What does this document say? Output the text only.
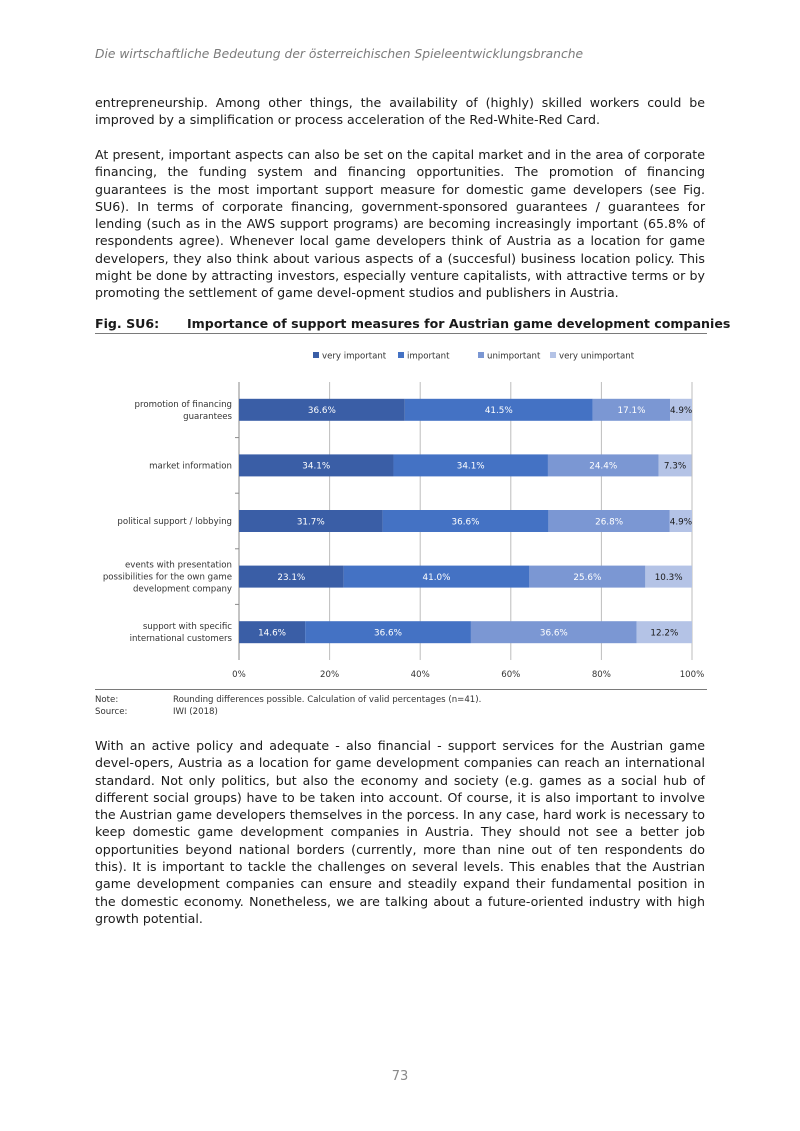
Die wirtschaftliche Bedeutung der österreichischen Spieleentwicklungsbranche

entrepreneurship. Among other things, the availability of (highly) skilled workers could be improved by a simplification or process acceleration of the Red-White-Red Card.

At present, important aspects can also be set on the capital market and in the area of corporate financing, the funding system and financing opportunities. The promotion of financing guarantees is the most important support measure for domestic game developers (see Fig. SU6). In terms of corporate financing, government-sponsored guarantees / guarantees for lending (such as in the AWS support programs) are becoming increasingly important (65.8% of respondents agree). Whenever local game developers think of Austria as a location for game developers, they also think about various aspects of a (succesful) business location policy. This might be done by attracting investors, especially venture capitalists, with attractive terms or by promoting the settlement of game devel-opment studios and publishers in Austria.

Fig. SU6: Importance of support measures for Austrian game development companies
very important important	unimportant very unimportant
36.6%	41.5%	17.1%	4.9%
34.1%	34.1%	24.4%	7.3%
31.7%	36.6%	26.8%	4.9%
23.1%	41.0%	25.6%	10.3%
14.6%	36.6%	36.6%	12.2%
promotion of financing
guarantees
market information
political support / lobbying
events with presentation
possibilities for the own game
development company
support with specific
international customers
0%	20%	40%	60%	80%	100%
Note:	Rounding differences possible. Calculation of valid percentages (n=41).
Source:	IWI (2018)

With an active policy and adequate - also financial - support services for the Austrian game devel-opers, Austria as a location for game development companies can reach an international standard. Not only politics, but also the economy and society (e.g. games as a social hub of different social groups) have to be taken into account. Of course, it is also important to involve the Austrian game developers themselves in the porcess. In any case, hard work is necessary to keep domestic game development companies in Austria. They should not see a better job opportunities beyond national borders (currently, more than nine out of ten respondents do this). It is important to tackle the challenges on several levels. This enables that the Austrian game development companies can ensure and steadily expand their fundamental position in the domestic economy. Nonetheless, we are talking about a future-oriented industry with high growth potential.

73
